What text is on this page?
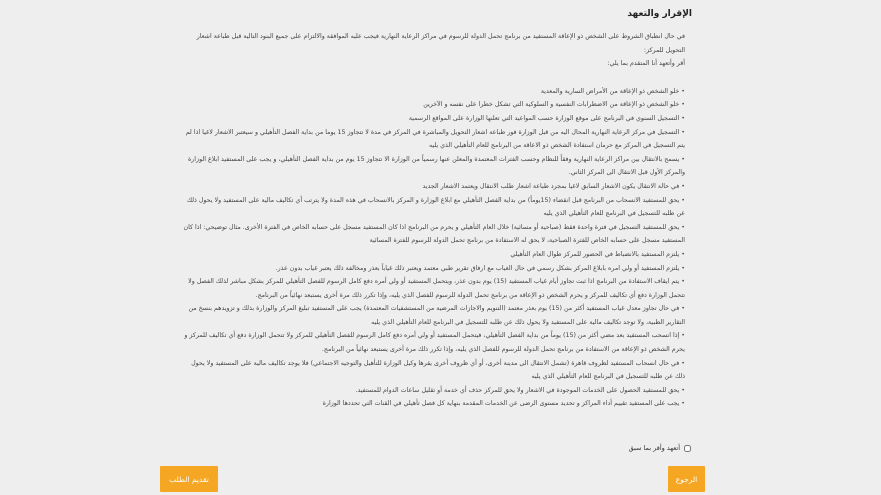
الإقرار والتعهد

في حال انطباق الشروط على الشخص ذو الإعاقة المستفيد من برنامج تحمل الدولة للرسوم في مراكز الرعاية النهارية فيجب عليه الموافقة والالتزام على جميع البنود التالية قبل طباعة اشعار التحويل للمركز:

أقر وأتعهد أنا المتقدم بما يلي:

• خلو الشخص ذو الإعاقة من الأمراض السارية والمعدية
• خلو الشخص ذو الإعاقة من الاضطرابات النفسية و السلوكية التي تشكل خطرا على نفسه و الآخرين
• التسجيل السنوي في البرنامج على موقع الوزارة حسب المواعيد التي تعلنها الوزارة على المواقع الرسمية
• التسجيل في مركز الرعاية النهارية المحال اليه من قبل الوزارة فور طباعة اشعار التحويل والمباشرة في المركز في مدة لا تتجاوز 15 يوما من بداية الفصل التأهيلي و سيعتبر الاشعار لاغيا اذا لم يتم التسجيل في المركز مع حرمان استفادة الشخص ذو الاعاقة من البرنامج للعام التأهيلي الذي يليه
• يسمح بالانتقال بين مراكز الرعاية النهارية وفقاً للنظام وحسب الفترات المعتمدة والمعلن عنها رسمياً من الوزارة الا تتجاوز 15 يوم من بداية الفصل التأهيلي، و يجب على المستفيد ابلاغ الوزارة والمركز الأول قبل الانتقال الى المركز الثاني.
• في حالة الانتقال يكون الاشعار السابق لاغيا بمجرد طباعة اشعار طلب الانتقال ويعتمد الاشعار الجديد
• يحق للمستفيد الانسحاب من البرنامج قبل انقضاء (15يوماً) من بداية الفصل التأهيلي مع ابلاغ الوزارة و المركز بالانسحاب في هذه المدة ولا يترتب أي تكاليف مالية على المستفيد ولا يحول ذلك عن طلبه للتسجيل في البرنامج للعام التأهيلي الذي يليه
• يحق للمستفيد التسجيل في فترة واحدة فقط (صباحية أو مسائية) خلال العام التأهيلي و يحرم من البرنامج اذا كان المستفيد مسجل على حسابه الخاص في الفترة الأخرى. مثال توضيحي: اذا كان المستفيد مسجل على حسابه الخاص للفترة الصباحية، لا يحق له الاستفادة من برنامج تحمل الدولة للرسوم للفترة المسائية
• يلتزم المستفيد بالانضباط في الحضور للمركز طوال العام التأهيلي
• يلتزم المستفيد أو ولي امره بابلاغ المركز بشكل رسمي في حال الغياب مع ارفاق تقرير طبي معتمد ويعتبر ذلك غياباً بعذر ومخالفة ذلك يعتبر غياب بدون عذر.
• يتم ايقاف الاستفادة من البرنامج اذا ثبت تجاوز أيام غياب المستفيد (15) يوم بدون عذر، ويتحمل المستفيد أو ولي أمره دفع كامل الرسوم للفصل التأهيلي للمركز بشكل مباشر لذلك الفصل ولا تتحمل الوزارة دفع أي تكاليف للمركز و يحرم الشخص ذو الإعاقة من برنامج تحمل الدولة للرسوم للفصل الذي يليه، وإذا تكرر ذلك مرة أخرى يستبعد نهائياً من البرنامج.
• في حال تجاوز معدل غياب المستفيد أكثر من (15) يوم بعذر معتمد (التنويم والاجازات المرضية من المستشفيات المعتمدة) يجب على المستفيد تبليغ المركز والوزارة بذلك و تزويدهم بنسخ من التقارير الطبية، ولا توجد تكاليف مالية على المستفيد ولا يحول ذلك عن طلبه للتسجيل في البرنامج للعام التأهيلي الذي يليه
• إذا انسحب المستفيد بعد مضي أكثر من (15) يوماً من بداية الفصل التأهيلي، فيتحمل المستفيد أو ولي أمره دفع كامل الرسوم للفصل التأهيلي للمركز ولا تتحمل الوزارة دفع أي تكاليف للمركز و يحرم الشخص ذو الإعاقة من الاستفادة من برنامج تحمل الدولة للرسوم للفصل الذي يليه، وإذا تكرر ذلك مرة أخرى يستبعد نهائياً من البرنامج.
• في حال انسحاب المستفيد لظروف قاهرة (تشمل الانتقال الى مدينة أخرى، أو أي ظروف أخرى يقرها وكيل الوزارة للتأهيل والتوجيه الاجتماعي) فلا يوجد تكاليف مالية على المستفيد ولا يحول ذلك عن طلبه للتسجيل في البرنامج للعام التأهيلي الذي يليه
• يحق للمستفيد الحصول على الخدمات الموجودة في الاشعار ولا يحق للمركز حذف أي خدمة أو تقليل ساعات الدوام للمستفيد.
• يجب على المستفيد تقييم أداء المراكز و تحديد مستوى الرضى عن الخدمات المقدمة بنهاية كل فصل تأهيلي في القنات التي تحددها الوزارة
أتعهد وأقر بما سبق
الرجوع
تقديم الطلب
